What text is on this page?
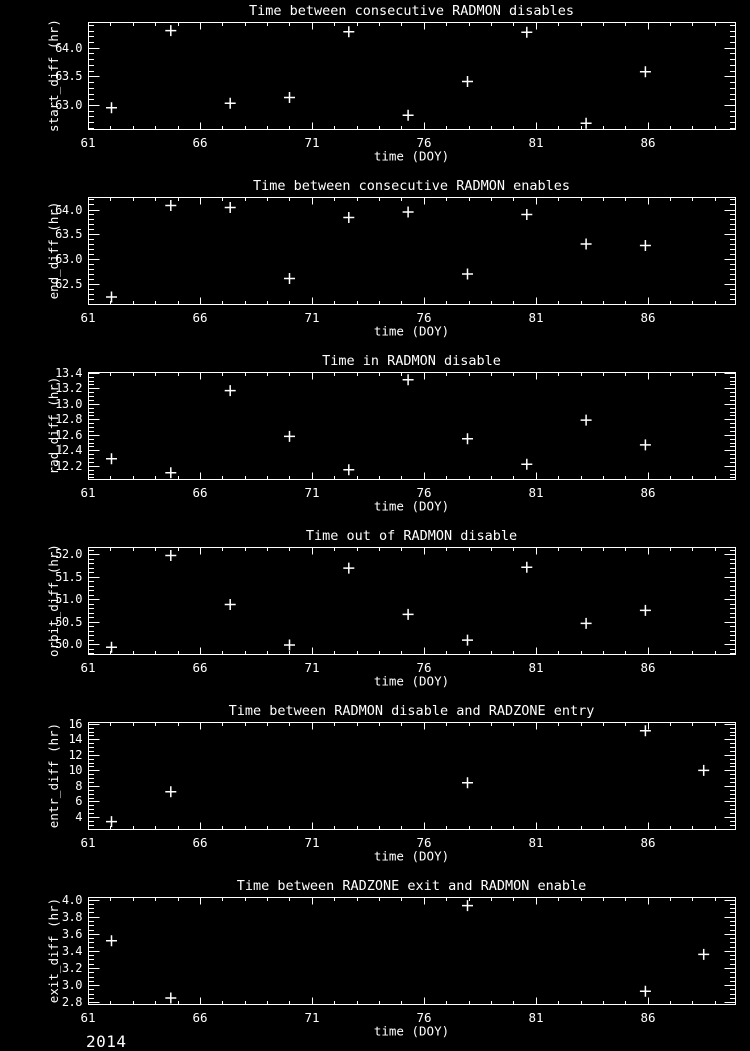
Time between consecutive RADMON disables
time (DOY)
start_diff (hr)
61	66	71	76	81	86
63.0
63.5
64.0
Time between consecutive RADMON enables
time (DOY)
end_diff (hr)
61	66	71	76	81	86
62.5
63.0
63.5
64.0
Time in RADMON disable
time (DOY)
rad_diff (hr)
61	66	71	76	81	86
12.2
12.4
12.6
12.8
13.0
13.2
13.4
Time out of RADMON disable
time (DOY)
orbit_diff (hr)
61	66	71	76	81	86
50.0
50.5
51.0
51.5
52.0
Time between RADMON disable and RADZONE entry
time (DOY)
entr_diff (hr)
61	66	71	76	81	86
4
6
8
10
12
14
16
Time between RADZONE exit and RADMON enable
time (DOY)
exit_diff (hr)
61	66	71	76	81	86
2.8
3.0
3.2
3.4
3.6
3.8
4.0
2014
